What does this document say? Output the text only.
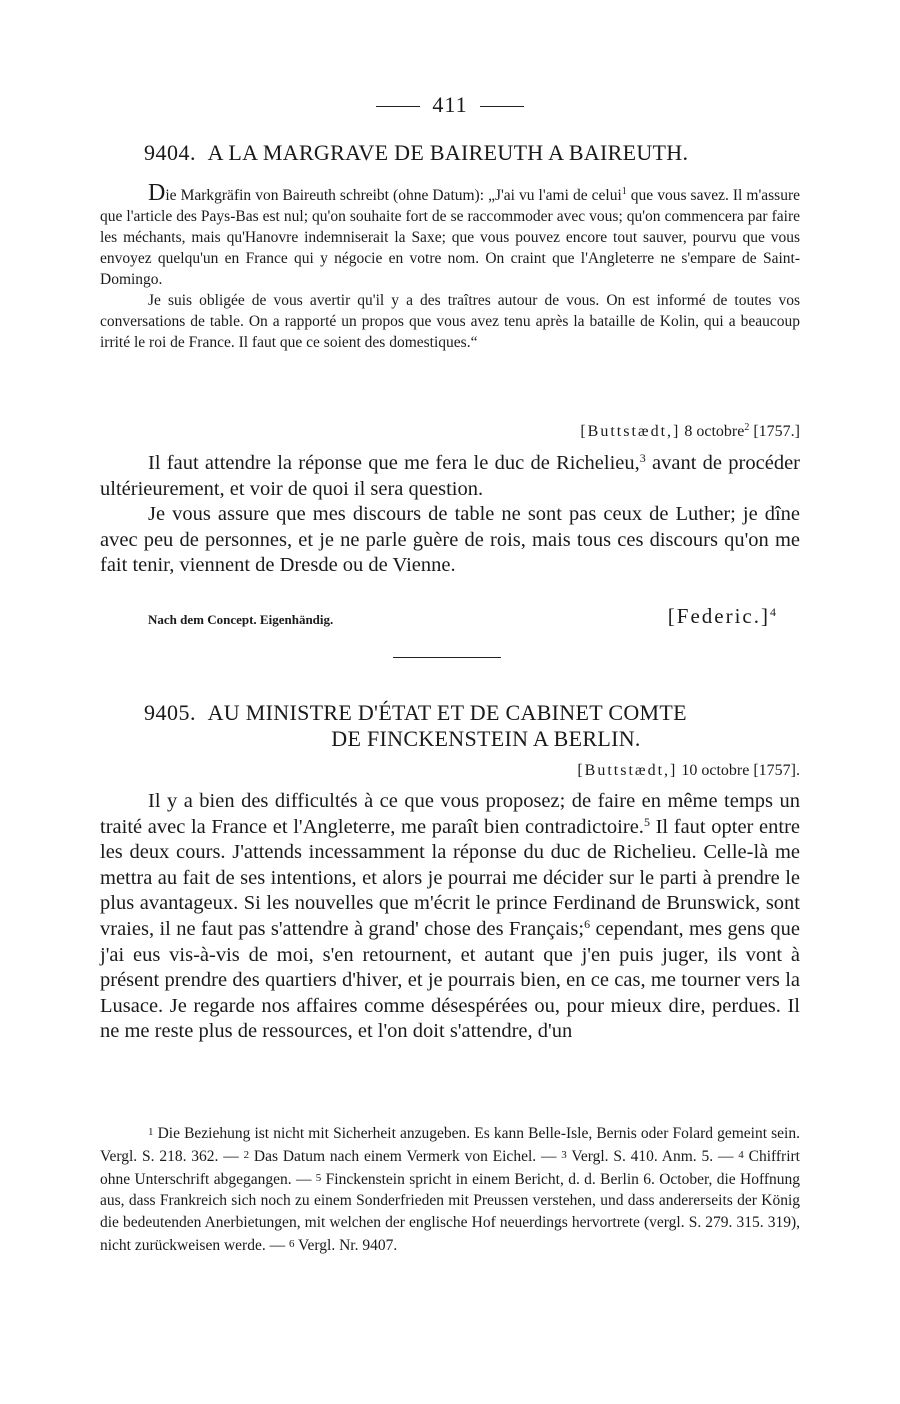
411
9404. A LA MARGRAVE DE BAIREUTH A BAIREUTH.
Die Markgräfin von Baireuth schreibt (ohne Datum): „J'ai vu l'ami de celui$^1$ que vous savez. Il m'assure que l'article des Pays-Bas est nul; qu'on souhaite fort de se raccommoder avec vous; qu'on commencera par faire les méchants, mais qu'Hanovre indemniserait la Saxe; que vous pouvez encore tout sauver, pourvu que vous envoyez quelqu'un en France qui y négocie en votre nom. On craint que l'Angleterre ne s'empare de Saint-Domingo.
Je suis obligée de vous avertir qu'il y a des traîtres autour de vous. On est informé de toutes vos conversations de table. On a rapporté un propos que vous avez tenu après la bataille de Kolin, qui a beaucoup irrité le roi de France. Il faut que ce soient des domestiques.“
[Buttstædt,] 8 octobre$^2$ [1757.]
Il faut attendre la réponse que me fera le duc de Richelieu,$^3$ avant de procéder ultérieurement, et voir de quoi il sera question.
Je vous assure que mes discours de table ne sont pas ceux de Luther; je dîne avec peu de personnes, et je ne parle guère de rois, mais tous ces discours qu'on me fait tenir, viennent de Dresde ou de Vienne.
Nach dem Concept. Eigenhändig.	[Federic.]$^4$
9405. AU MINISTRE D'ÉTAT ET DE CABINET COMTE
DE FINCKENSTEIN A BERLIN.
[Buttstædt,] 10 octobre [1757].
Il y a bien des difficultés à ce que vous proposez; de faire en même temps un traité avec la France et l'Angleterre, me paraît bien contradictoire.$^5$ Il faut opter entre les deux cours. J'attends incessamment la réponse du duc de Richelieu. Celle-là me mettra au fait de ses intentions, et alors je pourrai me décider sur le parti à prendre le plus avantageux. Si les nouvelles que m'écrit le prince Ferdinand de Brunswick, sont vraies, il ne faut pas s'attendre à grand' chose des Français;$^6$ cependant, mes gens que j'ai eus vis-à-vis de moi, s'en retournent, et autant que j'en puis juger, ils vont à présent prendre des quartiers d'hiver, et je pourrais bien, en ce cas, me tourner vers la Lusace. Je regarde nos affaires comme désespérées ou, pour mieux dire, perdues. Il ne me reste plus de ressources, et l'on doit s'attendre, d'un
1 Die Beziehung ist nicht mit Sicherheit anzugeben. Es kann Belle-Isle, Bernis oder Folard gemeint sein. Vergl. S. 218. 362. — 2 Das Datum nach einem Vermerk von Eichel. — 3 Vergl. S. 410. Anm. 5. — 4 Chiffrirt ohne Unterschrift abgegangen. — 5 Finckenstein spricht in einem Bericht, d. d. Berlin 6. October, die Hoffnung aus, dass Frankreich sich noch zu einem Sonderfrieden mit Preussen verstehen, und dass andererseits der König die bedeutenden Anerbietungen, mit welchen der englische Hof neuerdings hervortrete (vergl. S. 279. 315. 319), nicht zurückweisen werde. — 6 Vergl. Nr. 9407.
